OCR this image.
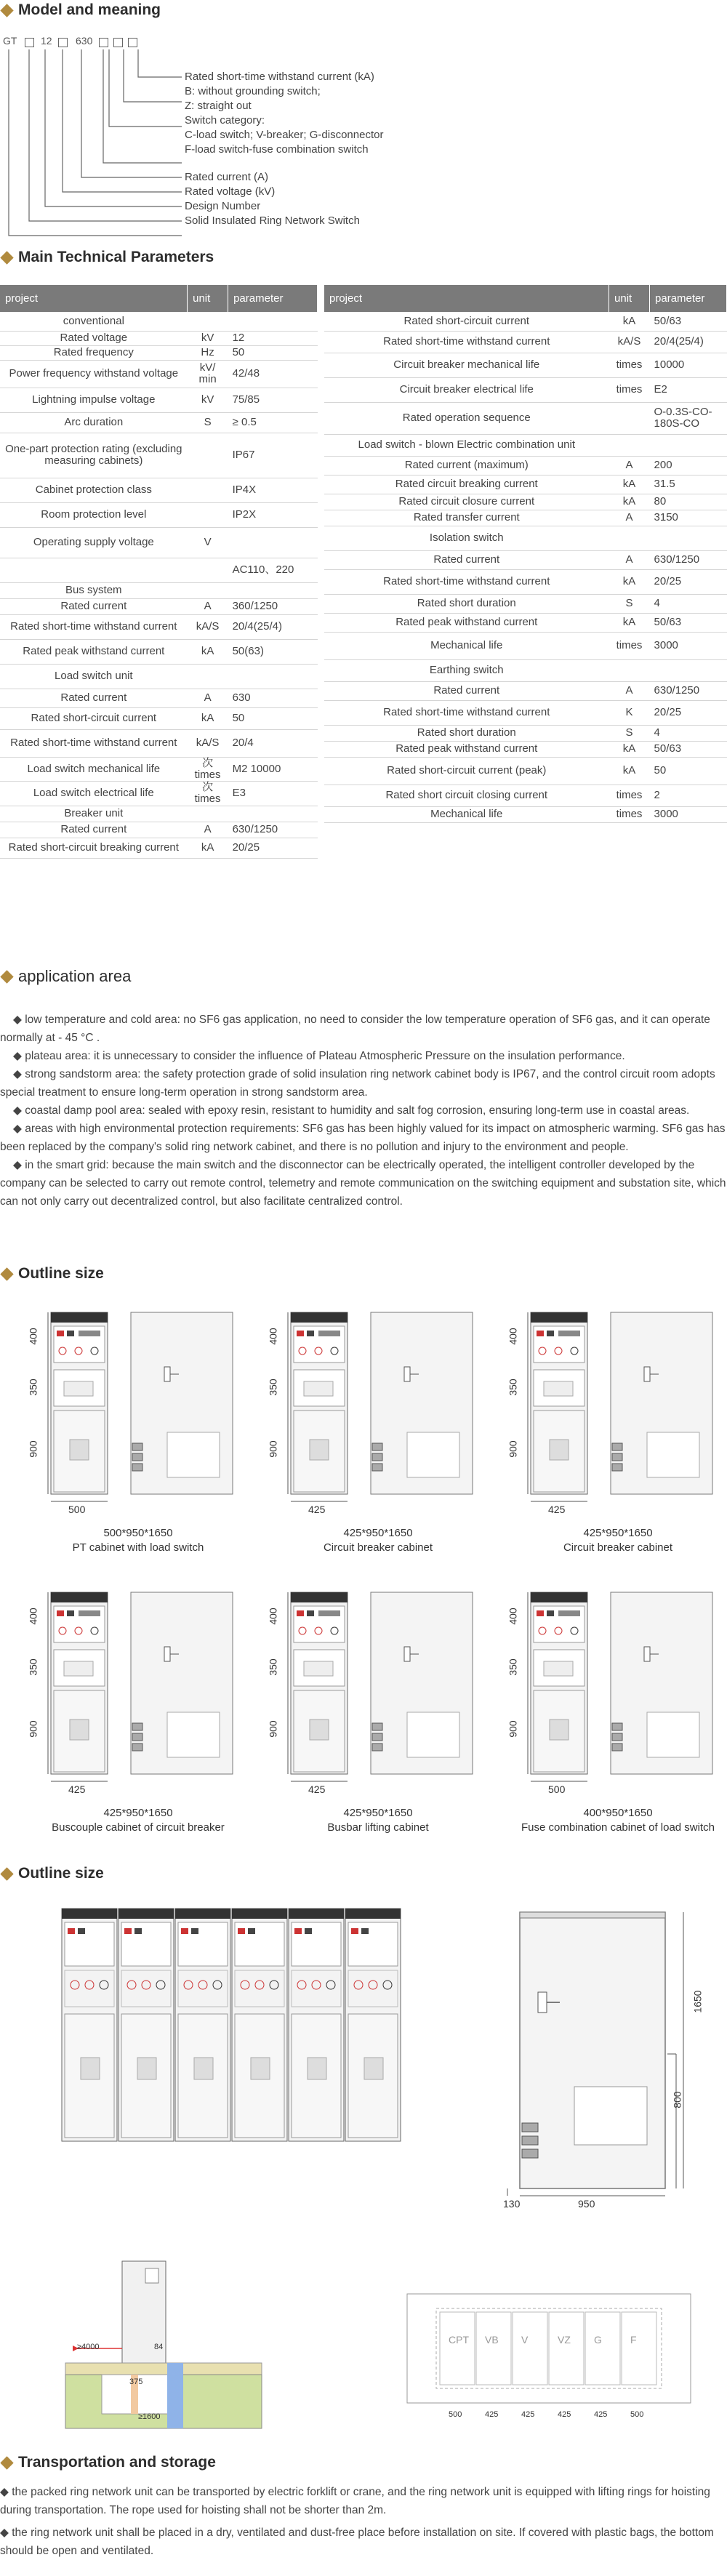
Model and meaning
GT 12 630
Rated short-time withstand current (kA)
B: without grounding switch;
Z: straight out
Switch category:
C-load switch; V-breaker; G-disconnector
F-load switch-fuse combination switch
Rated current (A)
Rated voltage (kV)
Design Number
Solid Insulated Ring Network Switch
Main Technical Parameters
project	unit	parameter
conventional		
Rated voltage	kV	12
Rated frequency	Hz	50
Power frequency withstand voltage	kV/ min	42/48
Lightning impulse voltage	kV	75/85
Arc duration	S	≥ 0.5
One-part protection rating (excluding measuring cabinets)		IP67
Cabinet protection class		IP4X
Room protection level		IP2X
Operating supply voltage	V	
		AC110、220
Bus system		
Rated current	A	360/1250
Rated short-time withstand current	kA/S	20/4(25/4)
Rated peak withstand current	kA	50(63)
Load switch unit		
Rated current	A	630
Rated short-circuit current	kA	50
Rated short-time withstand current	kA/S	20/4
Load switch mechanical life	次 times	M2 10000
Load switch electrical life	次 times	E3
Breaker unit		
Rated current	A	630/1250
Rated short-circuit breaking current	kA	20/25
project	unit	parameter
Rated short-circuit current	kA	50/63
Rated short-time withstand current	kA/S	20/4(25/4)
Circuit breaker mechanical life	times	10000
Circuit breaker electrical life	times	E2
Rated operation sequence		O-0.3S-CO-180S-CO
Load switch - blown Electric combination unit		
Rated current (maximum)	A	200
Rated circuit breaking current	kA	31.5
Rated circuit closure current	kA	80
Rated transfer current	A	3150
Isolation switch		
Rated current	A	630/1250
Rated short-time withstand current	kA	20/25
Rated short duration	S	4
Rated peak withstand current	kA	50/63
Mechanical life	times	3000
Earthing switch		
Rated current	A	630/1250
Rated short-time withstand current	K	20/25
Rated short duration	S	4
Rated peak withstand current	kA	50/63
Rated short-circuit current (peak)	kA	50
Rated short circuit closing current	times	2
Mechanical life	times	3000
application area

◆ low temperature and cold area: no SF6 gas application, no need to consider the low temperature operation of SF6 gas, and it can operate normally at - 45 °C .

◆ plateau area: it is unnecessary to consider the influence of Plateau Atmospheric Pressure on the insulation performance.

◆ strong sandstorm area: the safety protection grade of solid insulation ring network cabinet body is IP67, and the control circuit room adopts special treatment to ensure long-term operation in strong sandstorm area.

◆ coastal damp pool area: sealed with epoxy resin, resistant to humidity and salt fog corrosion, ensuring long-term use in coastal areas.

◆ areas with high environmental protection requirements: SF6 gas has been highly valued for its impact on atmospheric warming. SF6 gas has been replaced by the company's solid ring network cabinet, and there is no pollution and injury to the environment and people.

◆ in the smart grid: because the main switch and the disconnector can be electrically operated, the intelligent controller developed by the company can be selected to carry out remote control, telemetry and remote communication on the switching equipment and substation site, which can not only carry out decentralized control, but also facilitate centralized control.

Outline size
400
350
900
500
500*950*1650
PT cabinet with load switch
400
350
900
425
425*950*1650
Circuit breaker cabinet
400
350
900
425
425*950*1650
Circuit breaker cabinet
400
350
900
425
425*950*1650
Buscouple cabinet of circuit breaker
400
350
900
425
425*950*1650
Busbar lifting cabinet
400
350
900
500
400*950*1650
Fuse combination cabinet of load switch
Outline size
1650
800
950
130
≥4000
≥1600
375
84
CPT
500
VB
425
V
425
VZ
425
G
425
F
500
Transportation and storage

◆ the packed ring network unit can be transported by electric forklift or crane, and the ring network unit is equipped with lifting rings for hoisting during transportation. The rope used for hoisting shall not be shorter than 2m.

◆ the ring network unit shall be placed in a dry, ventilated and dust-free place before installation on site. If covered with plastic bags, the bottom should be open and ventilated.
